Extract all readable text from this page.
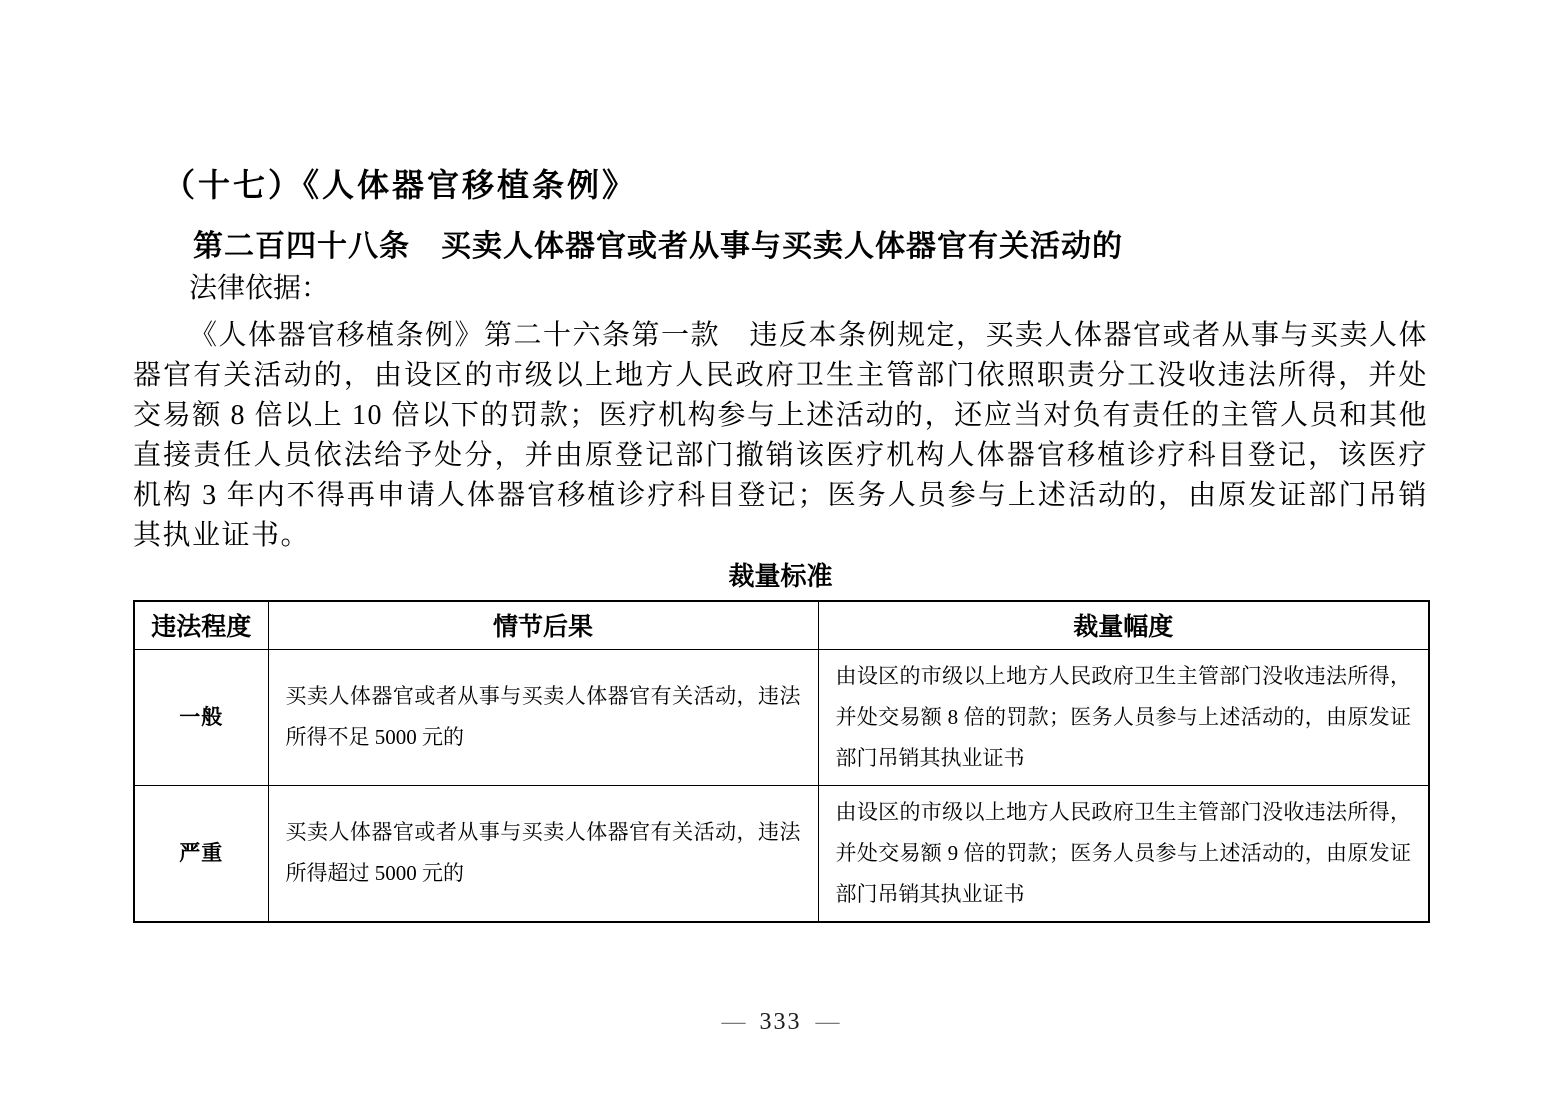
（十七）《人体器官移植条例》
第二百四十八条　买卖人体器官或者从事与买卖人体器官有关活动的

法律依据：

《人体器官移植条例》第二十六条第一款　违反本条例规定，买卖人体器官或者从事与买卖人体器官有关活动的，由设区的市级以上地方人民政府卫生主管部门依照职责分工没收违法所得，并处交易额 8 倍以上 10 倍以下的罚款；医疗机构参与上述活动的，还应当对负有责任的主管人员和其他直接责任人员依法给予处分，并由原登记部门撤销该医疗机构人体器官移植诊疗科目登记，该医疗机构 3 年内不得再申请人体器官移植诊疗科目登记；医务人员参与上述活动的，由原发证部门吊销其执业证书。

裁量标准
违法程度	情节后果	裁量幅度
一般	买卖人体器官或者从事与买卖人体器官有关活动，违法所得不足 5000 元的	由设区的市级以上地方人民政府卫生主管部门没收违法所得，并处交易额 8 倍的罚款；医务人员参与上述活动的，由原发证部门吊销其执业证书
严重	买卖人体器官或者从事与买卖人体器官有关活动，违法所得超过 5000 元的	由设区的市级以上地方人民政府卫生主管部门没收违法所得，并处交易额 9 倍的罚款；医务人员参与上述活动的，由原发证部门吊销其执业证书
— 333 —
